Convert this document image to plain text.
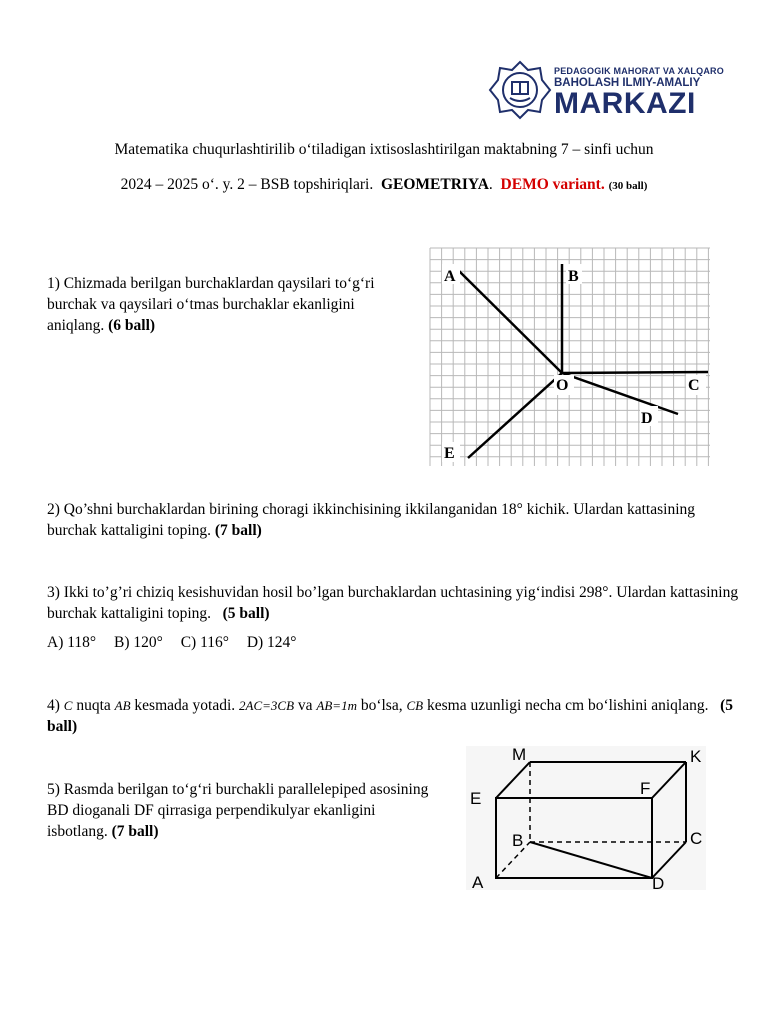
PEDAGOGIK MAHORAT VA XALQARO
BAHOLASH ILMIY-AMALIY
MARKAZI
Matematika chuqurlashtirilib o‘tiladigan ixtisoslashtirilgan maktabning 7 – sinfi uchun
2024 – 2025 o‘. y. 2 – BSB topshiriqlari. GEOMETRIYA. DEMO variant. (30 ball)
1) Chizmada berilgan burchaklardan qaysilari to‘g‘ri burchak va qaysilari o‘tmas burchaklar ekanligini aniqlang. (6 ball)
A	B
O	C
D
E
2) Qo’shni burchaklardan birining choragi ikkinchisining ikkilanganidan 18° kichik. Ulardan kattasining burchak kattaligini toping. (7 ball)
3) Ikki to’g’ri chiziq kesishuvidan hosil bo’lgan burchaklardan uchtasining yig‘indisi 298°. Ulardan kattasining burchak kattaligini toping. (5 ball)
A) 118° B) 120° C) 116° D) 124°
4) C nuqta AB kesmada yotadi. 2AC=3CB va AB=1m bo‘lsa, CB kesma uzunligi necha cm bo‘lishini aniqlang. (5 ball)
5) Rasmda berilgan to‘g‘ri burchakli parallelepiped asosining BD dioganali DF qirrasiga perpendikulyar ekanligini isbotlang. (7 ball)
M	K
E
F
B	C
A	D
